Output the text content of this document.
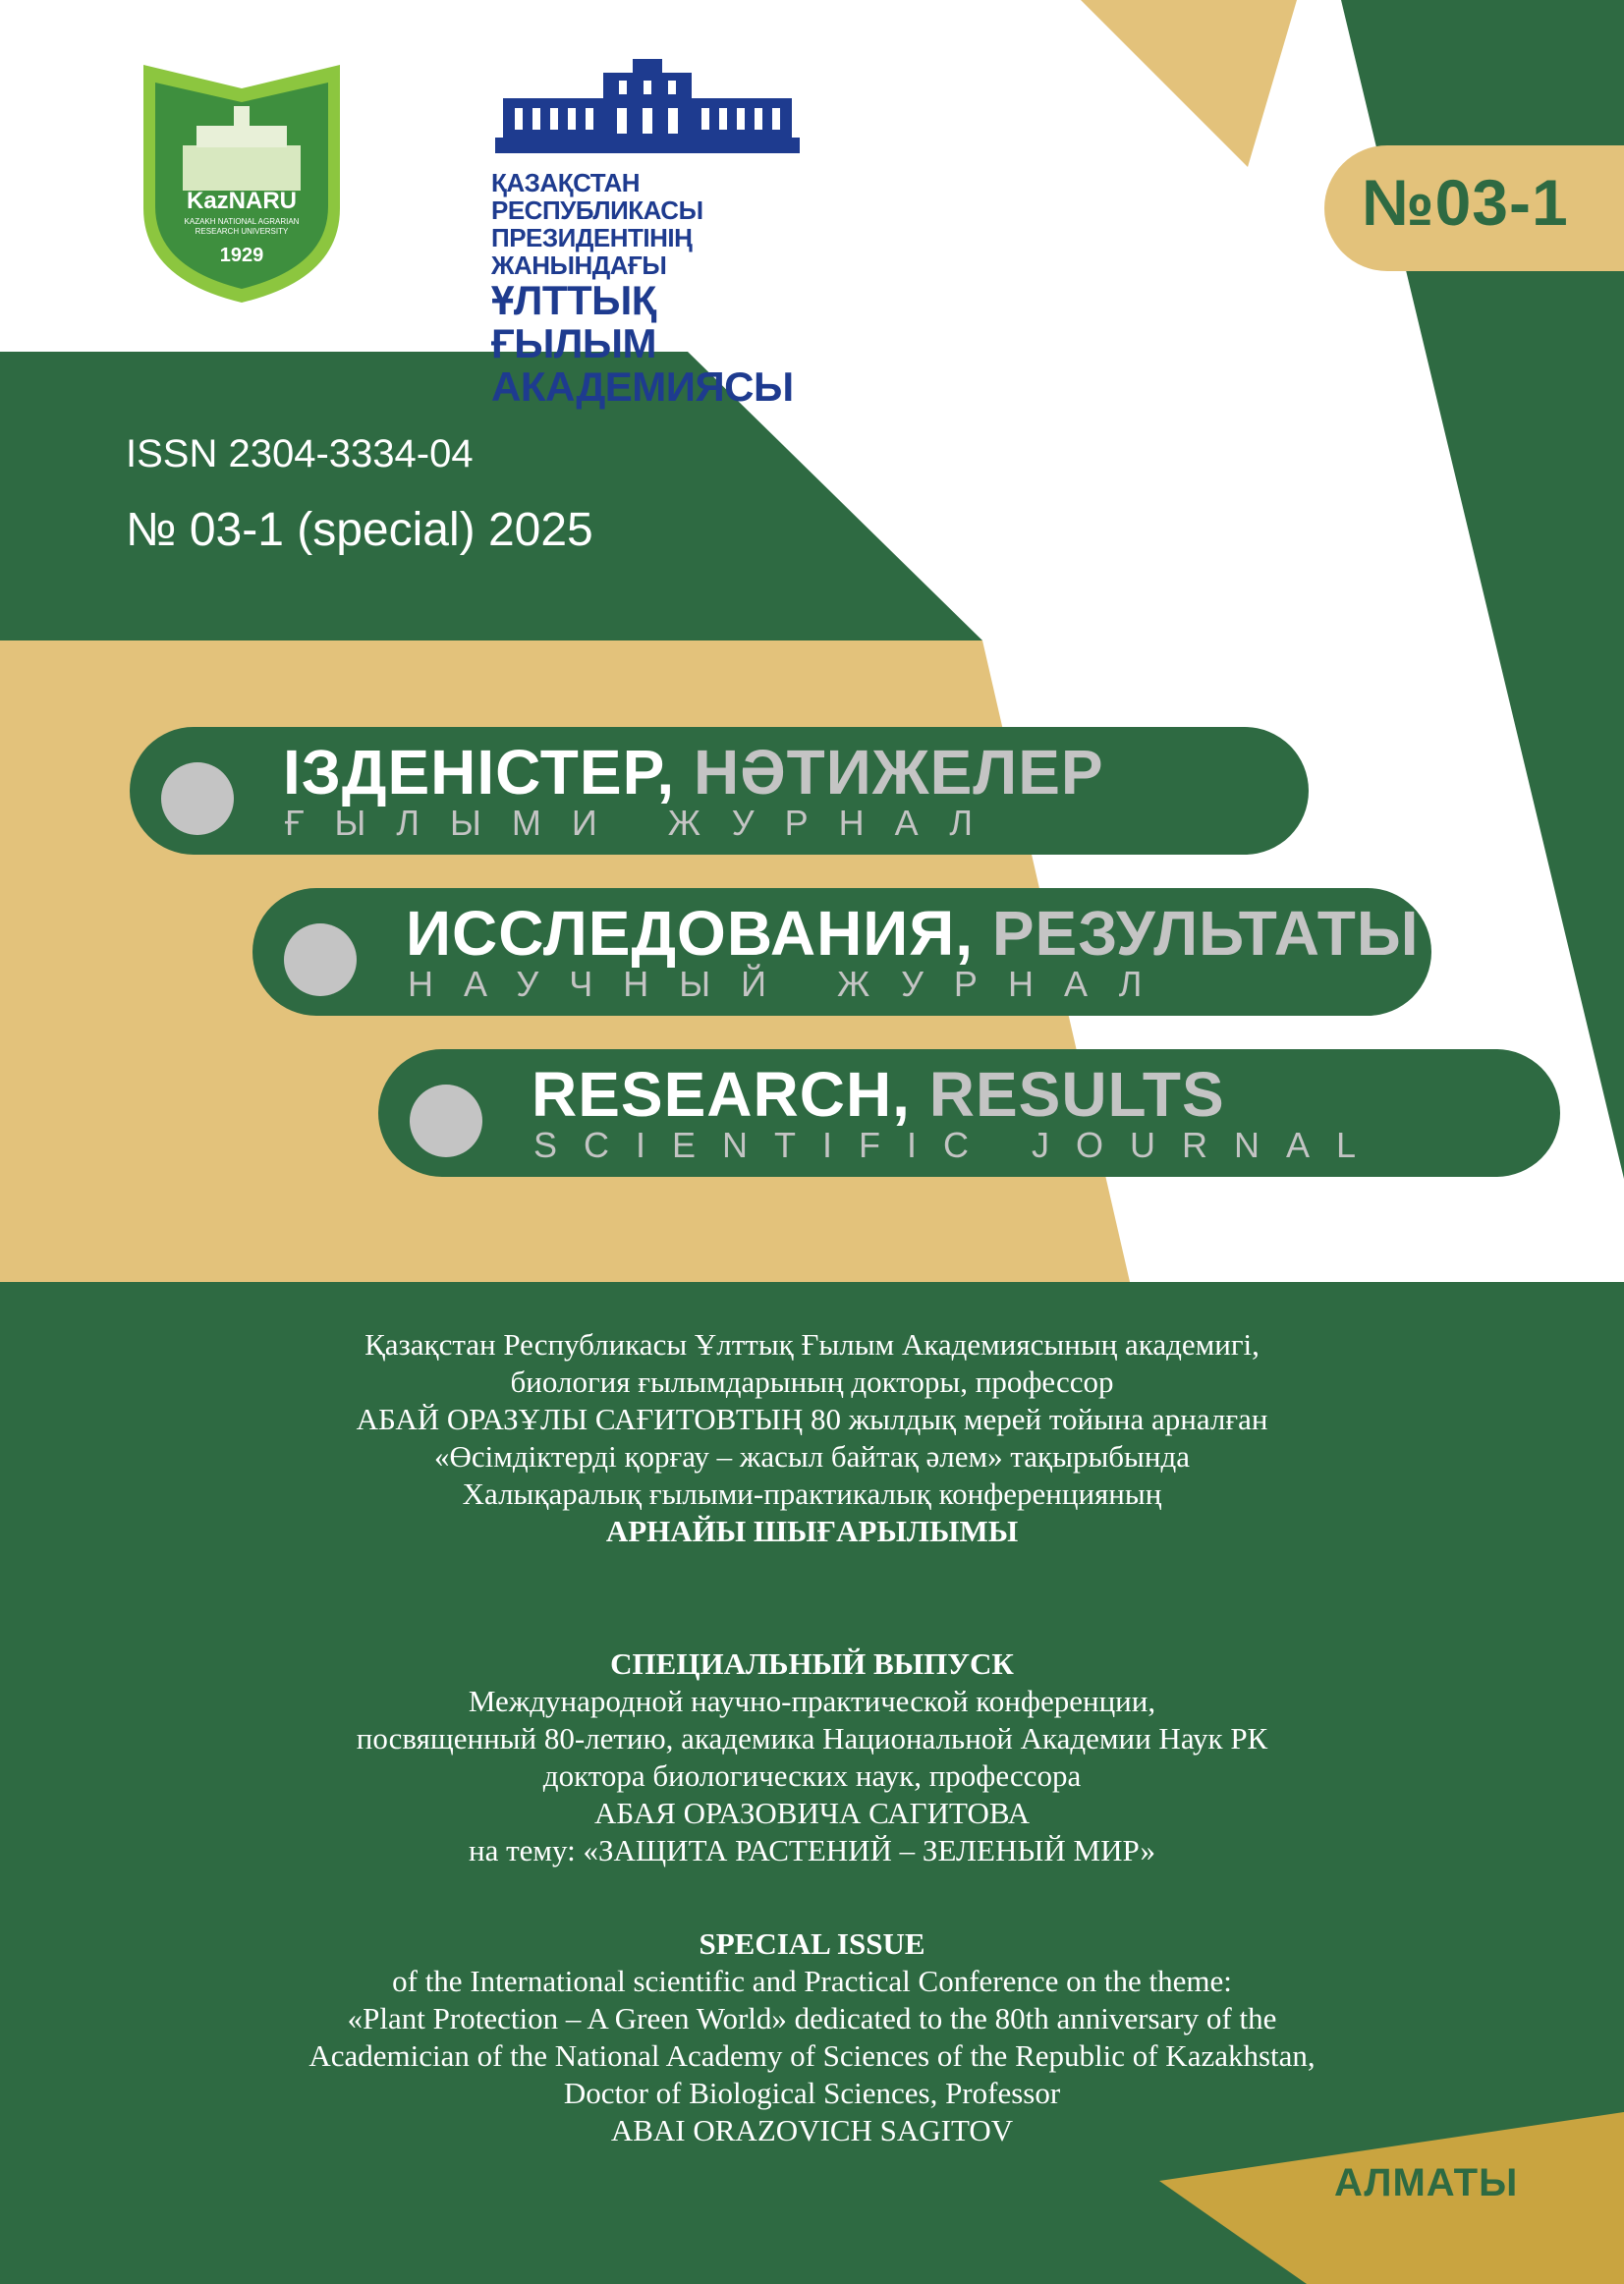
KazNARU
KAZAKH NATIONAL AGRARIAN
RESEARCH UNIVERSITY
1929
ҚАЗАҚСТАН РЕСПУБЛИКАСЫ
ПРЕЗИДЕНТІНІҢ ЖАНЫНДАҒЫ
ҰЛТТЫҚ ҒЫЛЫМ
АКАДЕМИЯСЫ
№03-1
ISSN 2304-3334-04
№ 03-1 (special) 2025
ІЗДЕНІСТЕР, НӘТИЖЕЛЕР
ҒЫЛЫМИ ЖУРНАЛ
ИССЛЕДОВАНИЯ, РЕЗУЛЬТАТЫ
НАУЧНЫЙ ЖУРНАЛ
RESEARCH, RESULTS
SCIENTIFIC JOURNAL
Қазақстан Республикасы Ұлттық Ғылым Академиясының академигі,
биология ғылымдарының докторы, профессор
АБАЙ ОРАЗҰЛЫ САҒИТОВТЫҢ 80 жылдық мерей тойына арналған
«Өсімдіктерді қорғау – жасыл байтақ әлем» тақырыбында
Халықаралық ғылыми-практикалық конференцияның
АРНАЙЫ ШЫҒАРЫЛЫМЫ
СПЕЦИАЛЬНЫЙ ВЫПУСК
Международной научно-практической конференции,
посвященный 80-летию, академика Национальной Академии Наук РК
доктора биологических наук, профессора
АБАЯ ОРАЗОВИЧА САГИТОВА
на тему: «ЗАЩИТА РАСТЕНИЙ – ЗЕЛЕНЫЙ МИР»
SPECIAL ISSUE
of the International scientific and Practical Conference on the theme:
«Plant Protection – A Green World» dedicated to the 80th anniversary of the
Academician of the National Academy of Sciences of the Republic of Kazakhstan,
Doctor of Biological Sciences, Professor
ABAI ORAZOVICH SAGITOV
АЛМАТЫ
